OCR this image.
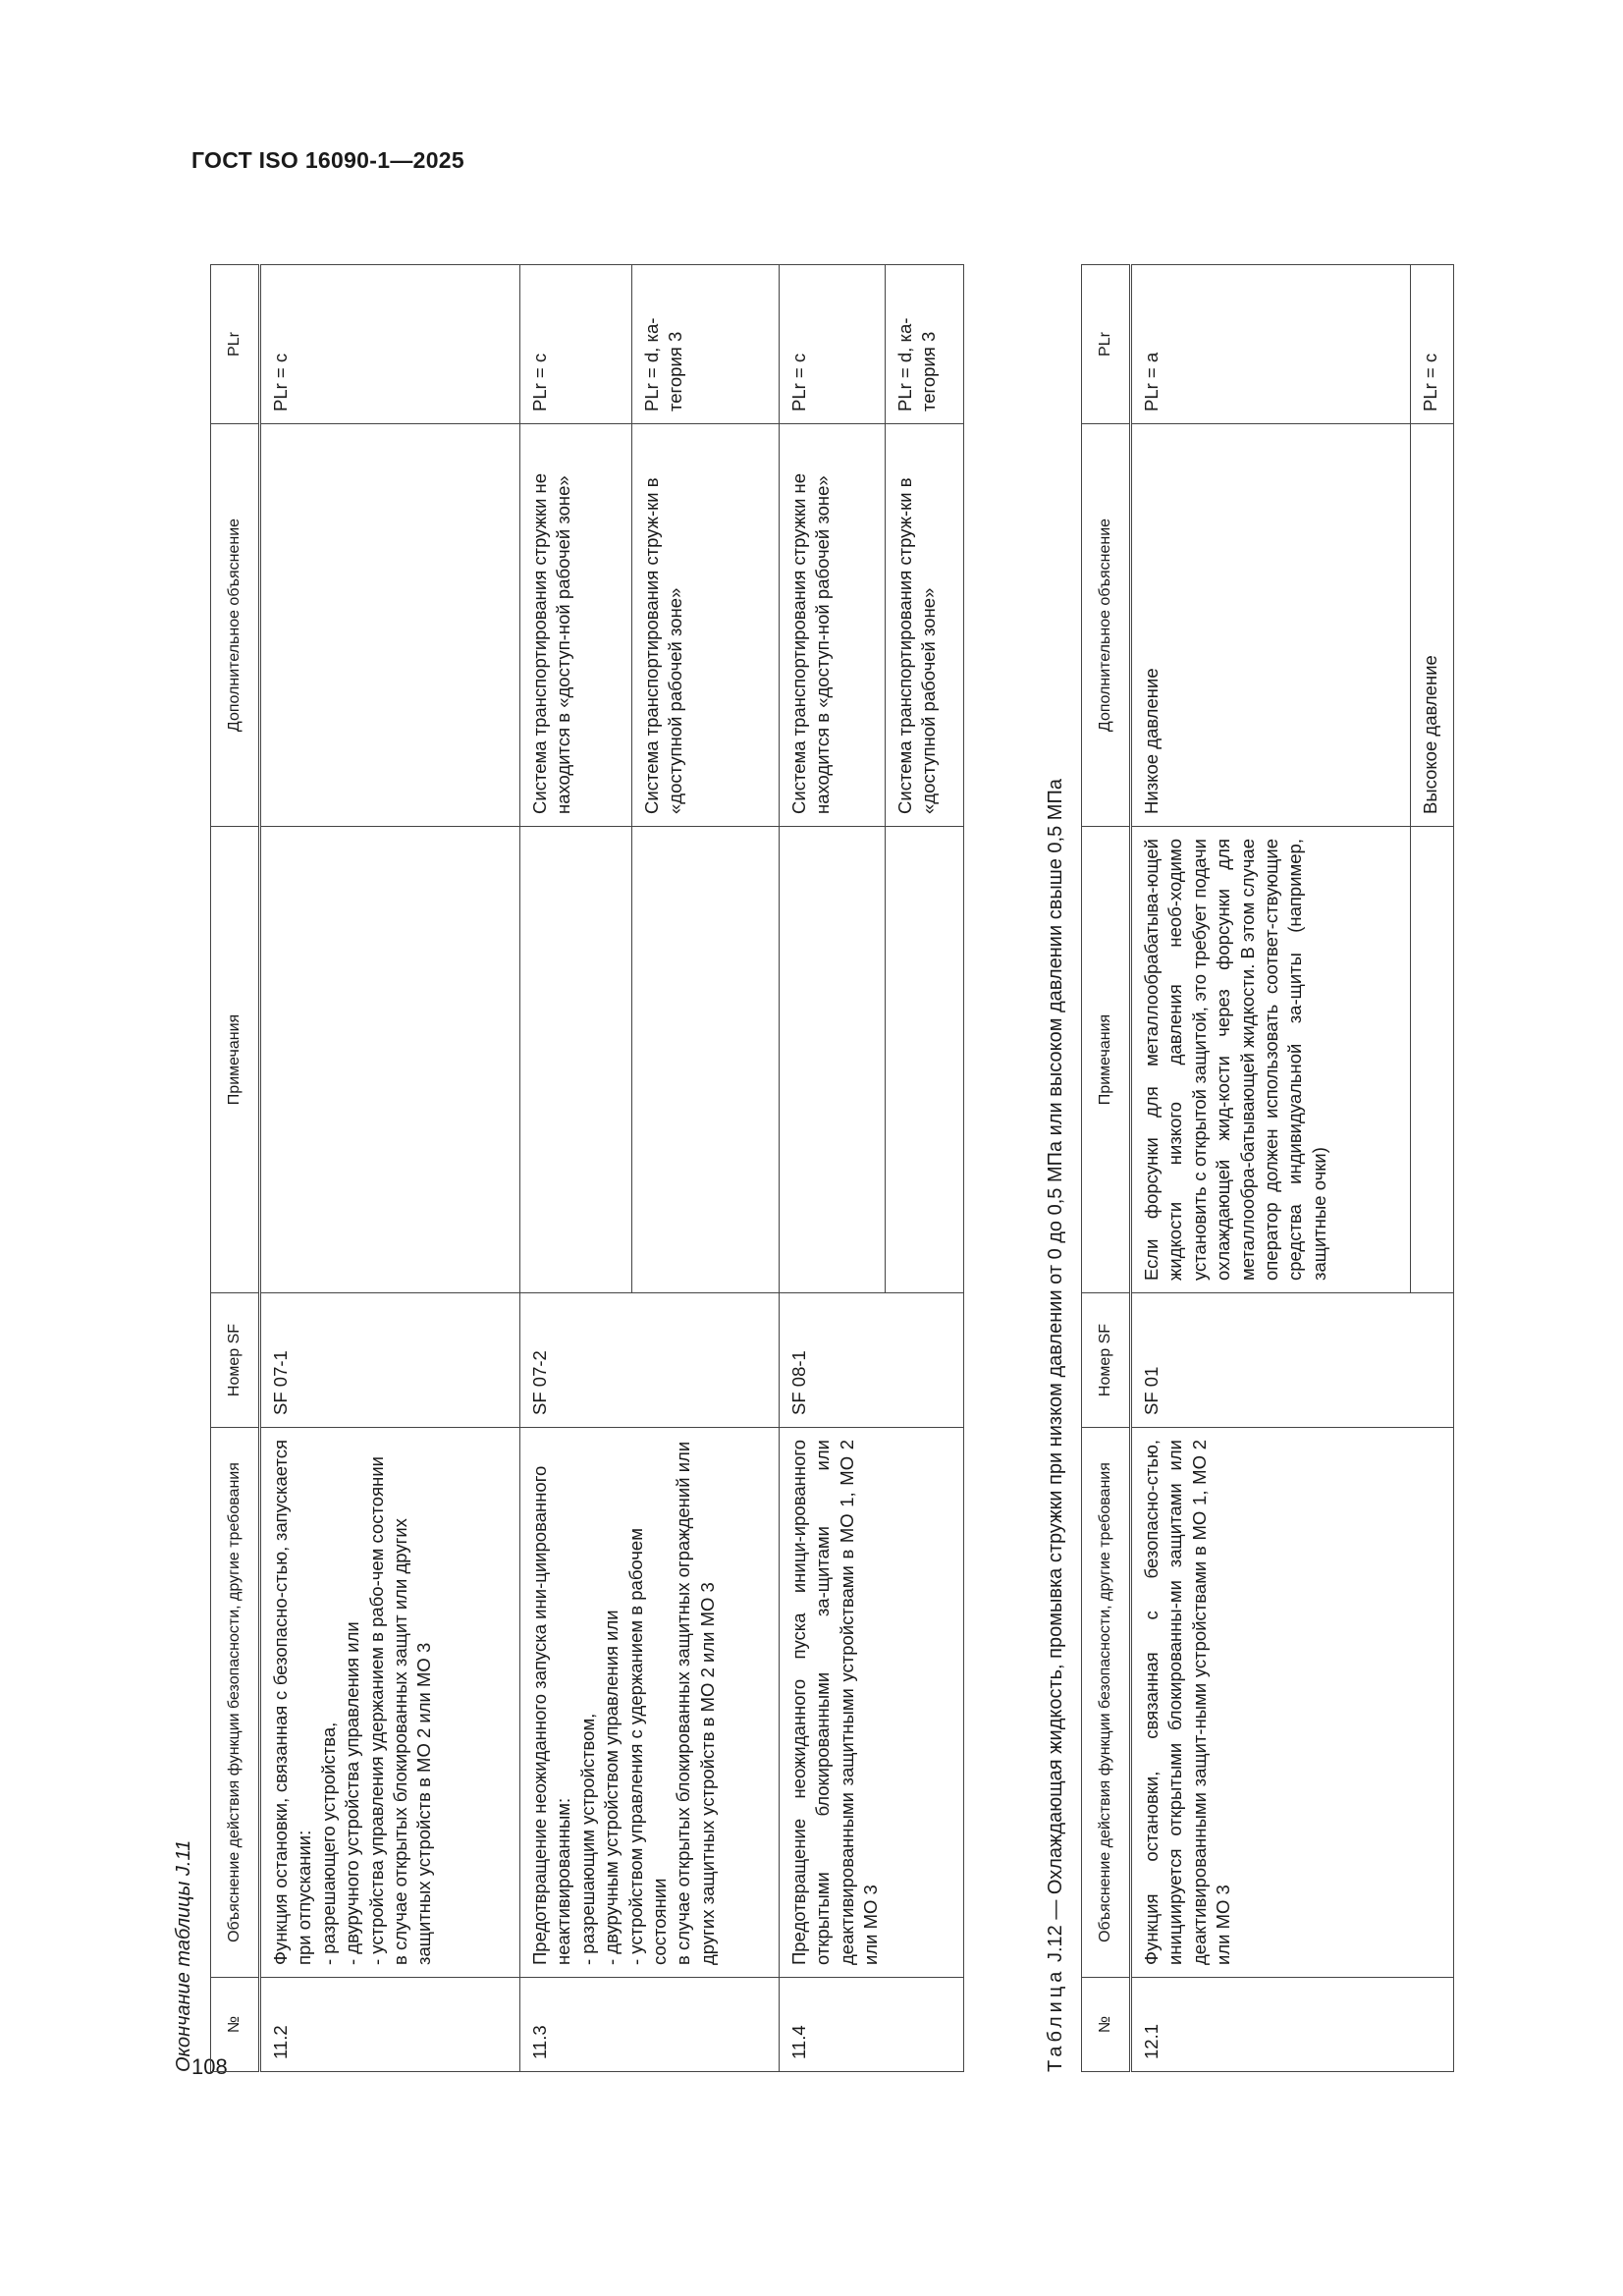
ГОСТ ISO 16090-1—2025
108
Окончание таблицы J.11 №	Объяснение действия функции безопасности, другие требования	Номер SF	Примечания	Дополнительное объяснение	PLr
11.2	Функция остановки, связанная с безопасно-стью, запускается при отпускании: - разрешающего устройства, - двуручного устройства управления или - устройства управления удержанием в рабо-чем состоянии в случае открытых блокированных защит или других защитных устройств в MO 2 или MO 3	SF 07-1			PLr = c
11.3	Предотвращение неожиданного запуска ини-циированного неактивированным: - разрешающим устройством, - двуручным устройством управления или - устройством управления с удержанием в рабочем состоянии в случае открытых блокированных защитных ограждений или других защитных устройств в MO 2 или MO 3	SF 07-2		Система транспортирования стружки не находится в «доступ-ной рабочей зоне»	PLr = c
				Система транспортирования струж-ки в «доступной рабочей зоне»	PLr = d, ка-тегория 3
11.4	Предотвращение неожиданного пуска иници-ированного открытыми блокированными за-щитами или деактивированными защитными устройствами в MO 1, MO 2 или MO 3	SF 08-1		Система транспортирования стружки не находится в «доступ-ной рабочей зоне»	PLr = c
				Система транспортирования струж-ки в «доступной рабочей зоне»	PLr = d, ка-тегория 3
Таблица J.12 — Охлаждающая жидкость, промывка стружки при низком давлении от 0 до 0,5 МПа или высоком давлении свыше 0,5 МПа
№	Объяснение действия функции безопасности, другие требования	Номер SF	Примечания	Дополнительное объяснение	PLr
12.1	Функция остановки, связанная с безопасно-стью, инициируется открытыми блокированны-ми защитами или деактивированными защит-ными устройствами в MO 1, MO 2 или MO 3	SF 01	Если форсунки для металлообрабатыва-ющей жидкости низкого давления необ-ходимо установить с открытой защитой, это требует подачи охлаждающей жид-кости через форсунки для металлообра-батывающей жидкости. В этом случае оператор должен использовать соответ-ствующие средства индивидуальной за-щиты (например, защитные очки)	Низкое давление	PLr = a
				Высокое давление	PLr = c
